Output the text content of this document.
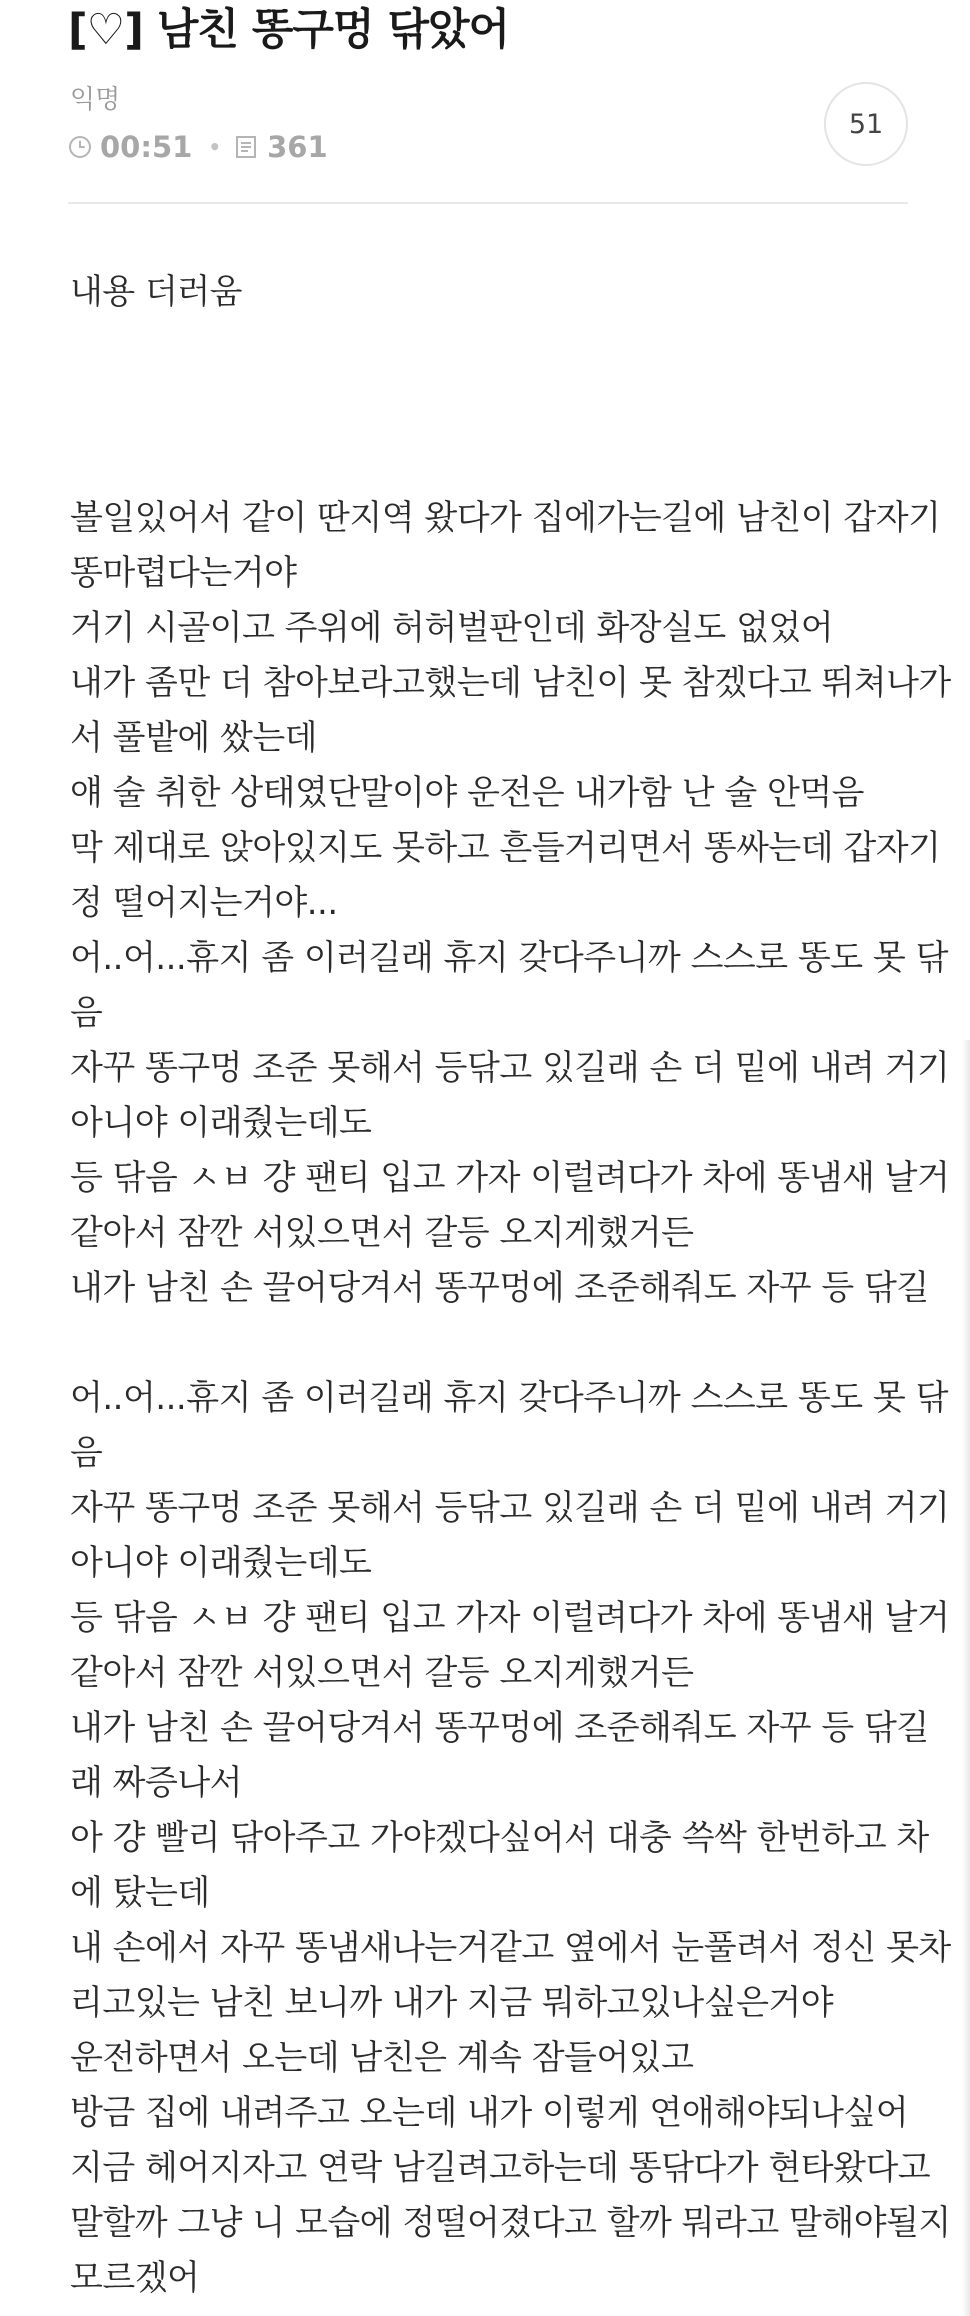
[♡] 남친 똥구멍 닦았어
익명
00:51 • 361
51

내용 더러움

볼일있어서 같이 딴지역 왔다가 집에가는길에 남친이 갑자기

똥마렵다는거야

거기 시골이고 주위에 허허벌판인데 화장실도 없었어

내가 좀만 더 참아보라고했는데 남친이 못 참겠다고 뛰쳐나가

서 풀밭에 쌌는데

얘 술 취한 상태였단말이야 운전은 내가함 난 술 안먹음

막 제대로 앉아있지도 못하고 흔들거리면서 똥싸는데 갑자기

정 떨어지는거야...

어..어...휴지 좀 이러길래 휴지 갖다주니까 스스로 똥도 못 닦

음

자꾸 똥구멍 조준 못해서 등닦고 있길래 손 더 밑에 내려 거기

아니야 이래줬는데도

등 닦음 ㅅㅂ 걍 팬티 입고 가자 이럴려다가 차에 똥냄새 날거

같아서 잠깐 서있으면서 갈등 오지게했거든

내가 남친 손 끌어당겨서 똥꾸멍에 조준해줘도 자꾸 등 닦길

어..어...휴지 좀 이러길래 휴지 갖다주니까 스스로 똥도 못 닦

음

자꾸 똥구멍 조준 못해서 등닦고 있길래 손 더 밑에 내려 거기

아니야 이래줬는데도

등 닦음 ㅅㅂ 걍 팬티 입고 가자 이럴려다가 차에 똥냄새 날거

같아서 잠깐 서있으면서 갈등 오지게했거든

내가 남친 손 끌어당겨서 똥꾸멍에 조준해줘도 자꾸 등 닦길

래 짜증나서

아 걍 빨리 닦아주고 가야겠다싶어서 대충 쓱싹 한번하고 차

에 탔는데

내 손에서 자꾸 똥냄새나는거같고 옆에서 눈풀려서 정신 못차

리고있는 남친 보니까 내가 지금 뭐하고있나싶은거야

운전하면서 오는데 남친은 계속 잠들어있고

방금 집에 내려주고 오는데 내가 이렇게 연애해야되나싶어

지금 헤어지자고 연락 남길려고하는데 똥닦다가 현타왔다고

말할까 그냥 니 모습에 정떨어졌다고 할까 뭐라고 말해야될지

모르겠어
